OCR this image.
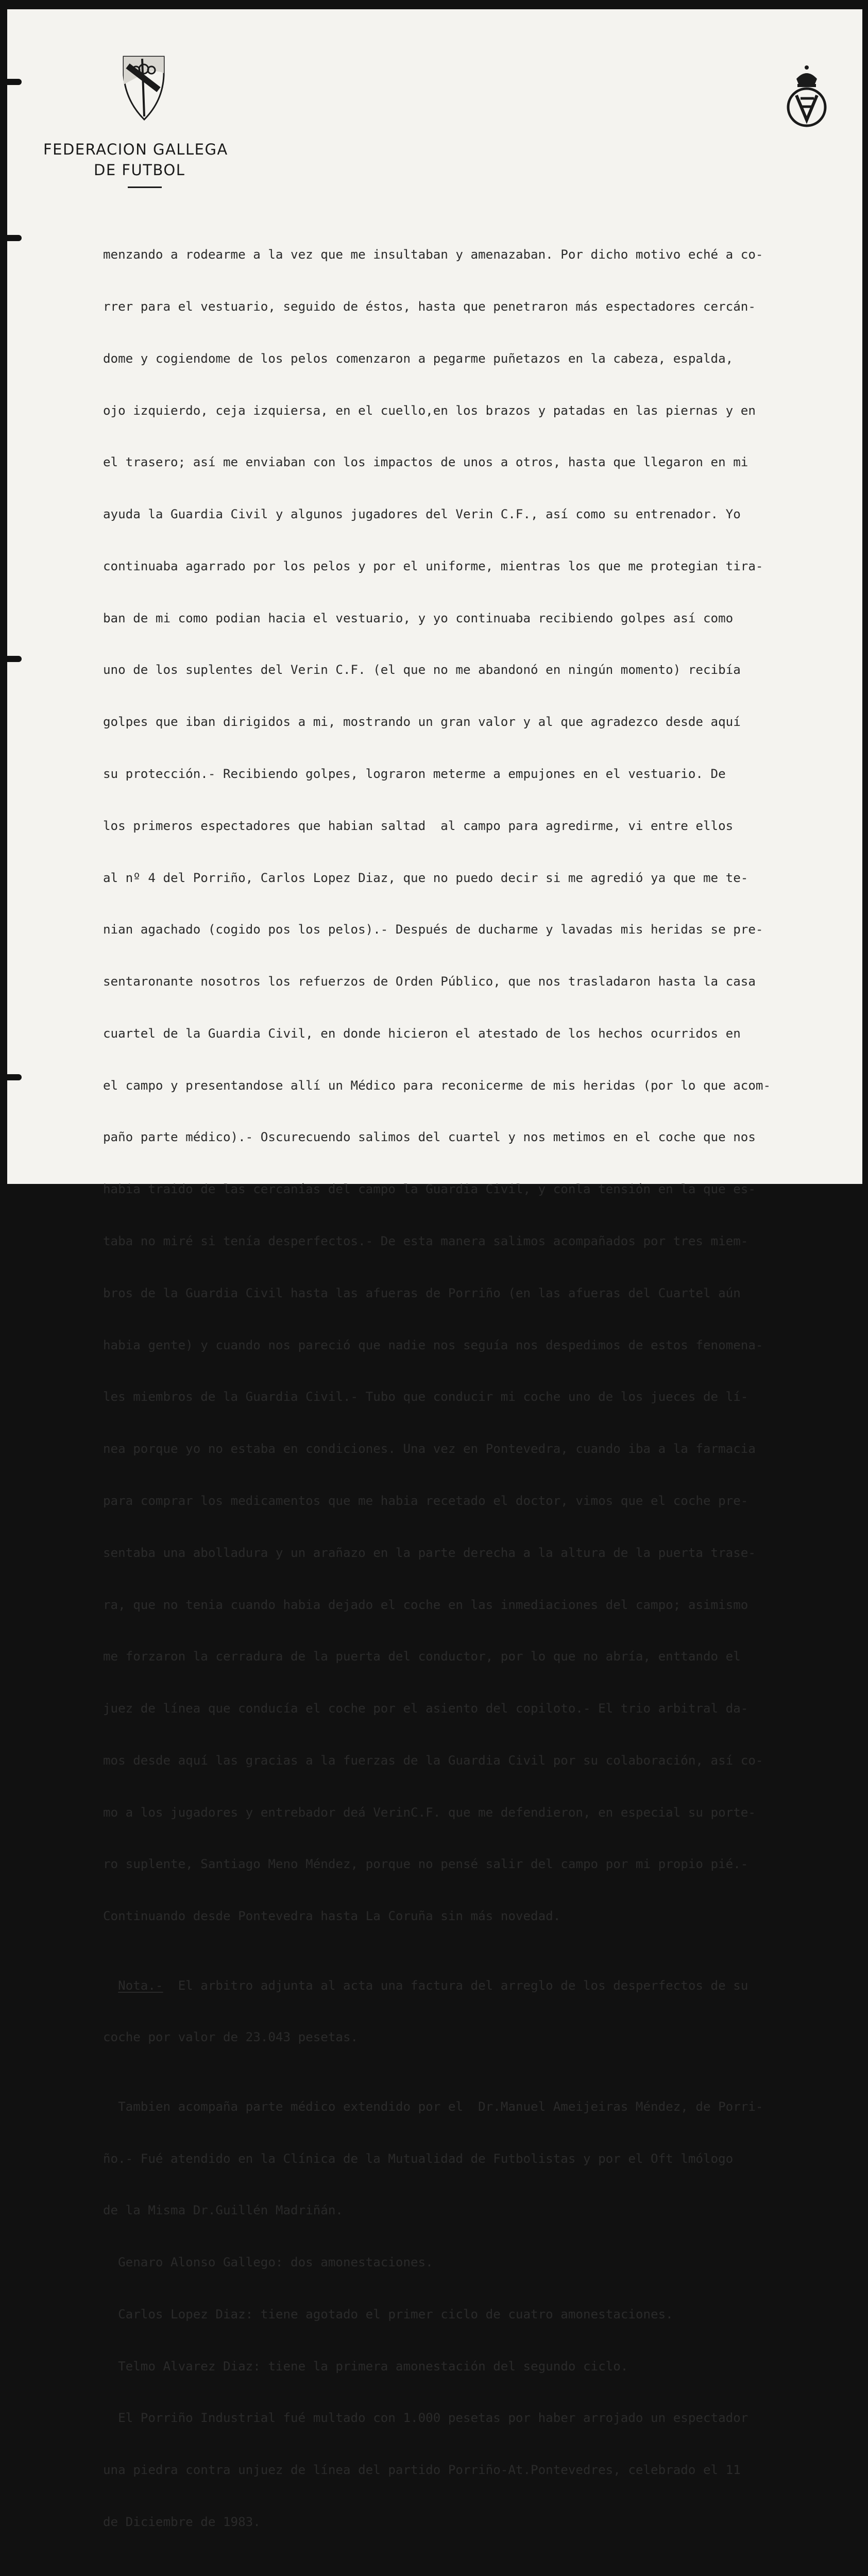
FEDERACION GALLEGA
DE FUTBOL

menzando a rodearme a la vez que me insultaban y amenazaban. Por dicho motivo eché a co-

rrer para el vestuario, seguido de éstos, hasta que penetraron más espectadores cercán-

dome y cogiendome de los pelos comenzaron a pegarme puñetazos en la cabeza, espalda,

ojo izquierdo, ceja izquiersa, en el cuello,en los brazos y patadas en las piernas y en

el trasero; así me enviaban con los impactos de unos a otros, hasta que llegaron en mi

ayuda la Guardia Civil y algunos jugadores del Verin C.F., así como su entrenador. Yo

continuaba agarrado por los pelos y por el uniforme, mientras los que me protegian tira-

ban de mi como podian hacia el vestuario, y yo continuaba recibiendo golpes así como

uno de los suplentes del Verin C.F. (el que no me abandonó en ningún momento) recibía

golpes que iban dirigidos a mi, mostrando un gran valor y al que agradezco desde aquí

su protección.- Recibiendo golpes, lograron meterme a empujones en el vestuario. De

los primeros espectadores que habian saltad  al campo para agredirme, vi entre ellos

al nº 4 del Porriño, Carlos Lopez Diaz, que no puedo decir si me agredió ya que me te-

nian agachado (cogido pos los pelos).- Después de ducharme y lavadas mis heridas se pre-

sentaronante nosotros los refuerzos de Orden Público, que nos trasladaron hasta la casa

cuartel de la Guardia Civil, en donde hicieron el atestado de los hechos ocurridos en

el campo y presentandose allí un Médico para reconicerme de mis heridas (por lo que acom-

paño parte médico).- Oscurecuendo salimos del cuartel y nos metimos en el coche que nos

habia traido de las cercanías del campo la Guardia Civil, y conla tensión en la que es-

taba no miré si tenía desperfectos.- De esta manera salimos acompañados por tres miem-

bros de la Guardia Civil hasta las afueras de Porriño (en las afueras del Cuartel aún

habia gente) y cuando nos pareció que nadie nos seguía nos despedimos de estos fenomena-

les miembros de la Guardia Civil.- Tubo que conducir mi coche uno de los jueces de lí-

nea porque yo no estaba en condiciones. Una vez en Pontevedra, cuando iba a la farmacia

para comprar los medicamentos que me habia recetado el doctor, vimos que el coche pre-

sentaba una abolladura y un arañazo en la parte derecha a la altura de la puerta trase-

ra, que no tenia cuando habia dejado el coche en las inmediaciones del campo; asimismo

me forzaron la cerradura de la puerta del conductor, por lo que no abría, enttando el

juez de línea que conducía el coche por el asiento del copiloto.- El trio arbitral da-

mos desde aquí las gracias a la fuerzas de la Guardia Civil por su colaboración, así co-

mo a los jugadores y entrebador deá VerinC.F. que me defendieron, en especial su porte-

ro suplente, Santiago Meno Méndez, porque no pensé salir del campo por mi propio pié.-

Continuando desde Pontevedra hasta La Coruña sin más novedad.

Nota.-  El arbitro adjunta al acta una factura del arreglo de los desperfectos de su

coche por valor de 23.043 pesetas.

Tambien acompaña parte médico extendido por el  Dr.Manuel Ameijeiras Méndez, de Porri-

ño.- Fué atendido en la Clínica de la Mutualidad de Futbolistas y por el Oft lmólogo

de la Misma Dr.Guillén Madriñán.

Genaro Alonso Gallego: dos amonestaciones.

Carlos Lopez Diaz: tiene agotado el primer ciclo de cuatro amonestaciones.

Telmo Alvarez Diaz: tiene la primera amonestación del segundo ciclo.

El Porriño Industrial fué multado con 1.000 pesetas por haber arrojado un espectador

una piedra contra unjuez de línea del partido Porriño-At.Pontevedres, celebrado el 11

de Diciembre de 1983.
